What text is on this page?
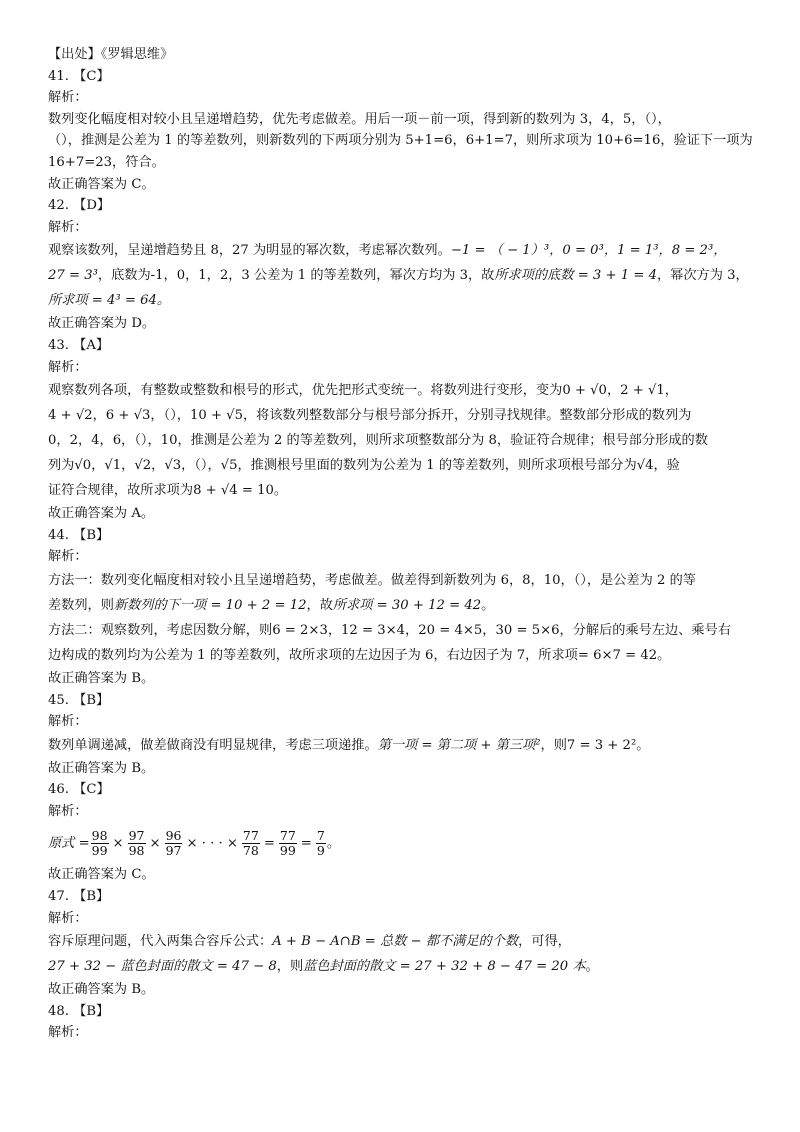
【出处】《罗辑思维》
41. 【C】
解析：
数列变化幅度相对较小且呈递增趋势，优先考虑做差。用后一项－前一项，得到新的数列为 3，4，5，（），
（），推测是公差为 1 的等差数列，则新数列的下两项分别为 5+1=6，6+1=7，则所求项为 10+6=16，验证下一项为
16+7=23，符合。
故正确答案为 C。
42. 【D】
解析：
观察该数列，呈递增趋势且 8，27 为明显的幂次数，考虑幂次数列。−1 = （ − 1）³，0 = 0³，1 = 1³，8 = 2³，
27 = 3³，底数为-1，0，1，2，3 公差为 1 的等差数列，幂次方均为 3，故所求项的底数 = 3 + 1 = 4，幂次方为 3，
所求项 = 4³ = 64。
故正确答案为 D。
43. 【A】
解析：
观察数列各项，有整数或整数和根号的形式，优先把形式变统一。将数列进行变形，变为0 + √0，2 + √1，
4 + √2，6 + √3，（），10 + √5，将该数列整数部分与根号部分拆开，分别寻找规律。整数部分形成的数列为
0，2，4，6，（），10，推测是公差为 2 的等差数列，则所求项整数部分为 8，验证符合规律；根号部分形成的数
列为√0，√1，√2，√3，（），√5，推测根号里面的数列为公差为 1 的等差数列，则所求项根号部分为√4，验
证符合规律，故所求项为8 + √4 = 10。
故正确答案为 A。
44. 【B】
解析：
方法一：数列变化幅度相对较小且呈递增趋势，考虑做差。做差得到新数列为 6，8，10，（），是公差为 2 的等
差数列，则新数列的下一项 = 10 + 2 = 12，故所求项 = 30 + 12 = 42。
方法二：观察数列，考虑因数分解，则6 = 2×3，12 = 3×4，20 = 4×5，30 = 5×6，分解后的乘号左边、乘号右
边构成的数列均为公差为 1 的等差数列，故所求项的左边因子为 6，右边因子为 7，所求项= 6×7 = 42。
故正确答案为 B。
45. 【B】
解析：
数列单调递减，做差做商没有明显规律，考虑三项递推。第一项 = 第二项 + 第三项²，则7 = 3 + 2²。
故正确答案为 B。
46. 【C】
解析：
原式 = $\frac{98}{99} \times \frac{97}{98} \times \frac{96}{97}$ × · · · × $\frac{77}{78} = \frac{77}{99} = \frac{7}{9}$ 。
故正确答案为 C。
47. 【B】
解析：
容斥原理问题，代入两集合容斥公式：A + B − A∩B = 总数 − 都不满足的个数，可得，
27 + 32 − 蓝色封面的散文 = 47 − 8，则蓝色封面的散文 = 27 + 32 + 8 − 47 = 20 本。
故正确答案为 B。
48. 【B】
解析：
